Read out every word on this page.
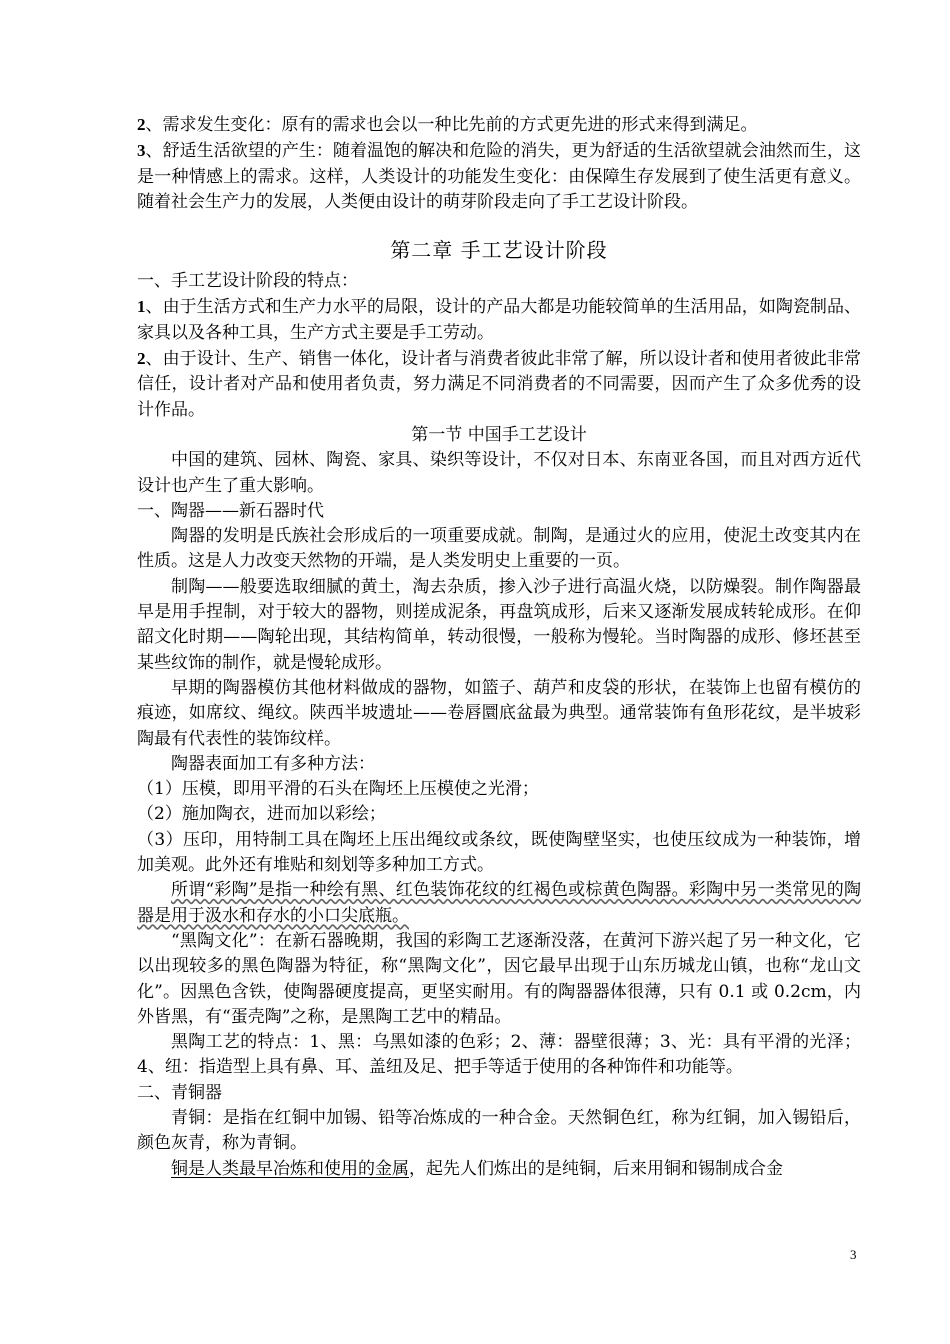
2、需求发生变化：原有的需求也会以一种比先前的方式更先进的形式来得到满足。

3、舒适生活欲望的产生：随着温饱的解决和危险的消失，更为舒适的生活欲望就会油然而生，这是一种情感上的需求。这样，人类设计的功能发生变化：由保障生存发展到了使生活更有意义。随着社会生产力的发展，人类便由设计的萌芽阶段走向了手工艺设计阶段。

第二章 手工艺设计阶段

一、手工艺设计阶段的特点：

1、由于生活方式和生产力水平的局限，设计的产品大都是功能较简单的生活用品，如陶瓷制品、家具以及各种工具，生产方式主要是手工劳动。

2、由于设计、生产、销售一体化，设计者与消费者彼此非常了解，所以设计者和使用者彼此非常信任，设计者对产品和使用者负责，努力满足不同消费者的不同需要，因而产生了众多优秀的设计作品。

第一节 中国手工艺设计

中国的建筑、园林、陶瓷、家具、染织等设计，不仅对日本、东南亚各国，而且对西方近代设计也产生了重大影响。

一、陶器——新石器时代

陶器的发明是氏族社会形成后的一项重要成就。制陶，是通过火的应用，使泥土改变其内在性质。这是人力改变天然物的开端，是人类发明史上重要的一页。

制陶——般要选取细腻的黄土，淘去杂质，掺入沙子进行高温火烧，以防燥裂。制作陶器最早是用手捏制，对于较大的器物，则搓成泥条，再盘筑成形，后来又逐渐发展成转轮成形。在仰韶文化时期——陶轮出现，其结构简单，转动很慢，一般称为慢轮。当时陶器的成形、修坯甚至某些纹饰的制作，就是慢轮成形。

早期的陶器模仿其他材料做成的器物，如篮子、葫芦和皮袋的形状，在装饰上也留有模仿的痕迹，如席纹、绳纹。陕西半坡遗址——卷唇圜底盆最为典型。通常装饰有鱼形花纹，是半坡彩陶最有代表性的装饰纹样。

陶器表面加工有多种方法：

（1）压模，即用平滑的石头在陶坯上压模使之光滑；

（2）施加陶衣，进而加以彩绘；

（3）压印，用特制工具在陶坯上压出绳纹或条纹，既使陶壁坚实，也使压纹成为一种装饰，增加美观。此外还有堆贴和刻划等多种加工方式。

所谓“彩陶”是指一种绘有黑、红色装饰花纹的红褐色或棕黄色陶器。彩陶中另一类常见的陶器是用于汲水和存水的小口尖底瓶。

“黑陶文化”：在新石器晚期，我国的彩陶工艺逐渐没落，在黄河下游兴起了另一种文化，它以出现较多的黑色陶器为特征，称“黑陶文化”，因它最早出现于山东历城龙山镇，也称“龙山文化”。因黑色含铁，使陶器硬度提高，更坚实耐用。有的陶器器体很薄，只有 0.1 或 0.2cm，内外皆黑，有“蛋壳陶”之称，是黑陶工艺中的精品。

黑陶工艺的特点：1、黑：乌黑如漆的色彩；2、薄：器壁很薄；3、光：具有平滑的光泽；4、纽：指造型上具有鼻、耳、盖纽及足、把手等适于使用的各种饰件和功能等。

二、青铜器

青铜：是指在红铜中加锡、铅等冶炼成的一种合金。天然铜色红，称为红铜，加入锡铅后，颜色灰青，称为青铜。

铜是人类最早冶炼和使用的金属，起先人们炼出的是纯铜，后来用铜和锡制成合金

3
